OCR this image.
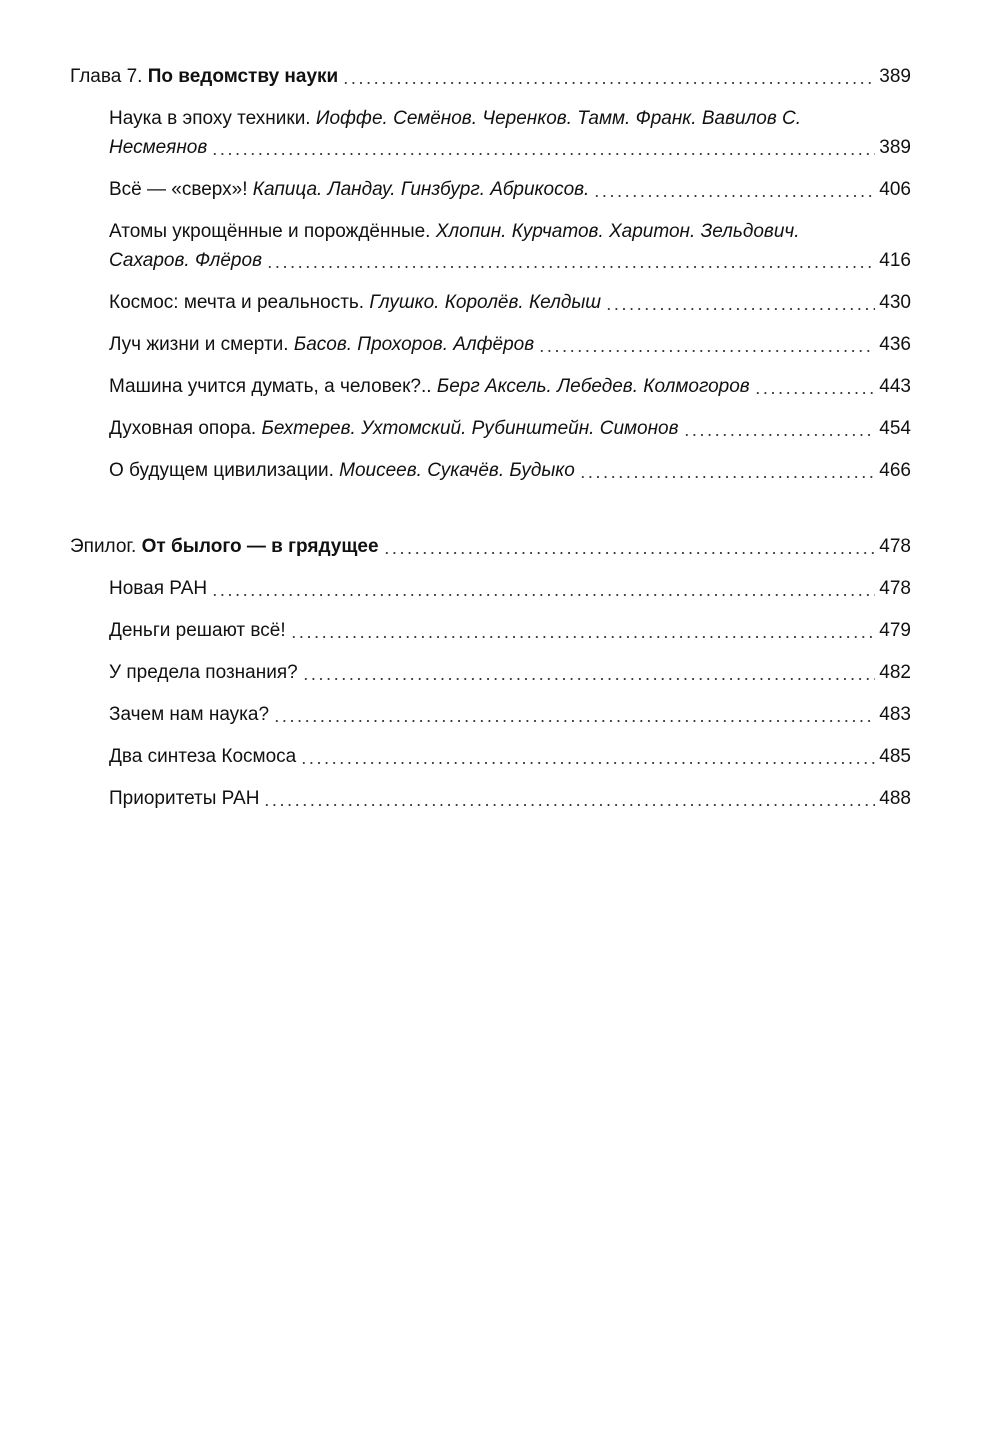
Глава 7. По ведомству науки	389
Наука в эпоху техники. Иоффе. Семёнов. Черенков. Тамм. Франк. Вавилов С.
Несмеянов	389
Всё — «сверх»! Капица. Ландау. Гинзбург. Абрикосов.	406
Атомы укрощённые и порождённые. Хлопин. Курчатов. Харитон. Зельдович.
Сахаров. Флёров	416
Космос: мечта и реальность. Глушко. Королёв. Келдыш	430
Луч жизни и смерти. Басов. Прохоров. Алфёров	436
Машина учится думать, а человек?.. Берг Аксель. Лебедев. Колмогоров	443
Духовная опора. Бехтерев. Ухтомский. Рубинштейн. Симонов	454
О будущем цивилизации. Моисеев. Сукачёв. Будыко	466
Эпилог. От былого — в грядущее	478
Новая РАН	478
Деньги решают всё!	479
У предела познания?	482
Зачем нам наука?	483
Два синтеза Космоса	485
Приоритеты РАН	488
